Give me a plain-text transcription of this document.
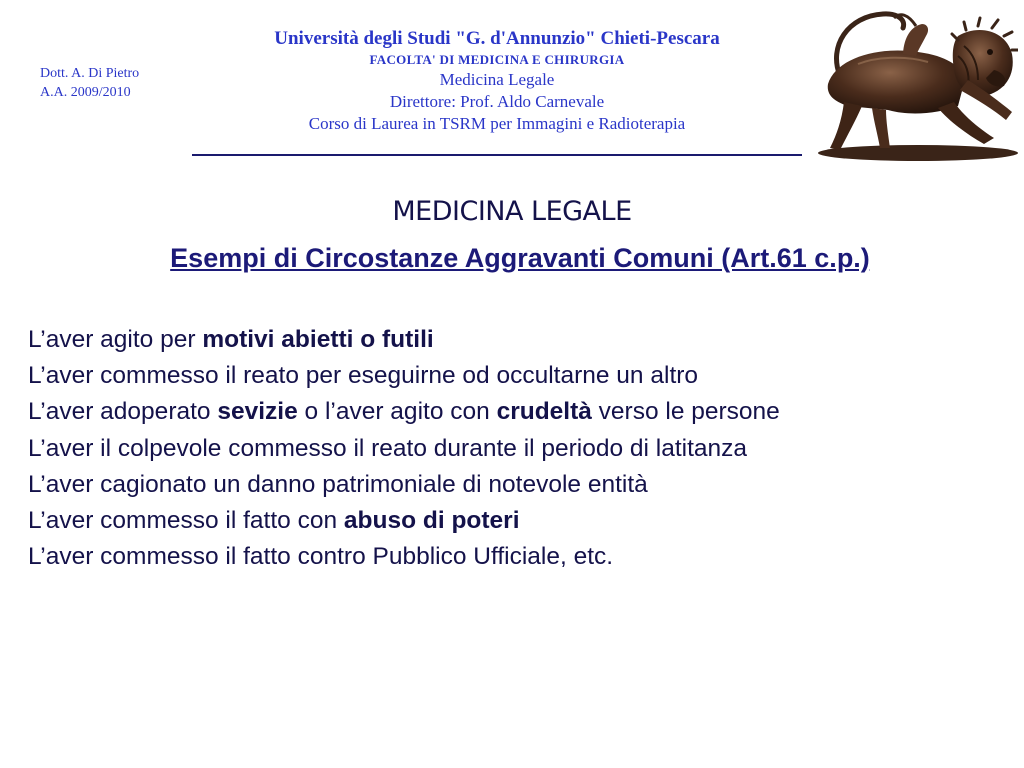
Dott. A. Di Pietro
A.A. 2009/2010
Università degli Studi "G. d'Annunzio" Chieti-Pescara
FACOLTA' DI MEDICINA E CHIRURGIA
Medicina Legale
Direttore: Prof. Aldo Carnevale
Corso di Laurea in TSRM per Immagini e Radioterapia
MEDICINA LEGALE
Esempi di Circostanze Aggravanti Comuni (Art.61 c.p.)
L’aver agito per motivi abietti o futili
L’aver commesso il reato per eseguirne od occultarne un altro
L’aver adoperato sevizie o l’aver agito con crudeltà verso le persone
L’aver il colpevole commesso il reato durante il periodo di latitanza
L’aver cagionato un danno patrimoniale di notevole entità
L’aver commesso il fatto con abuso di poteri
L’aver commesso il fatto contro Pubblico Ufficiale, etc.
